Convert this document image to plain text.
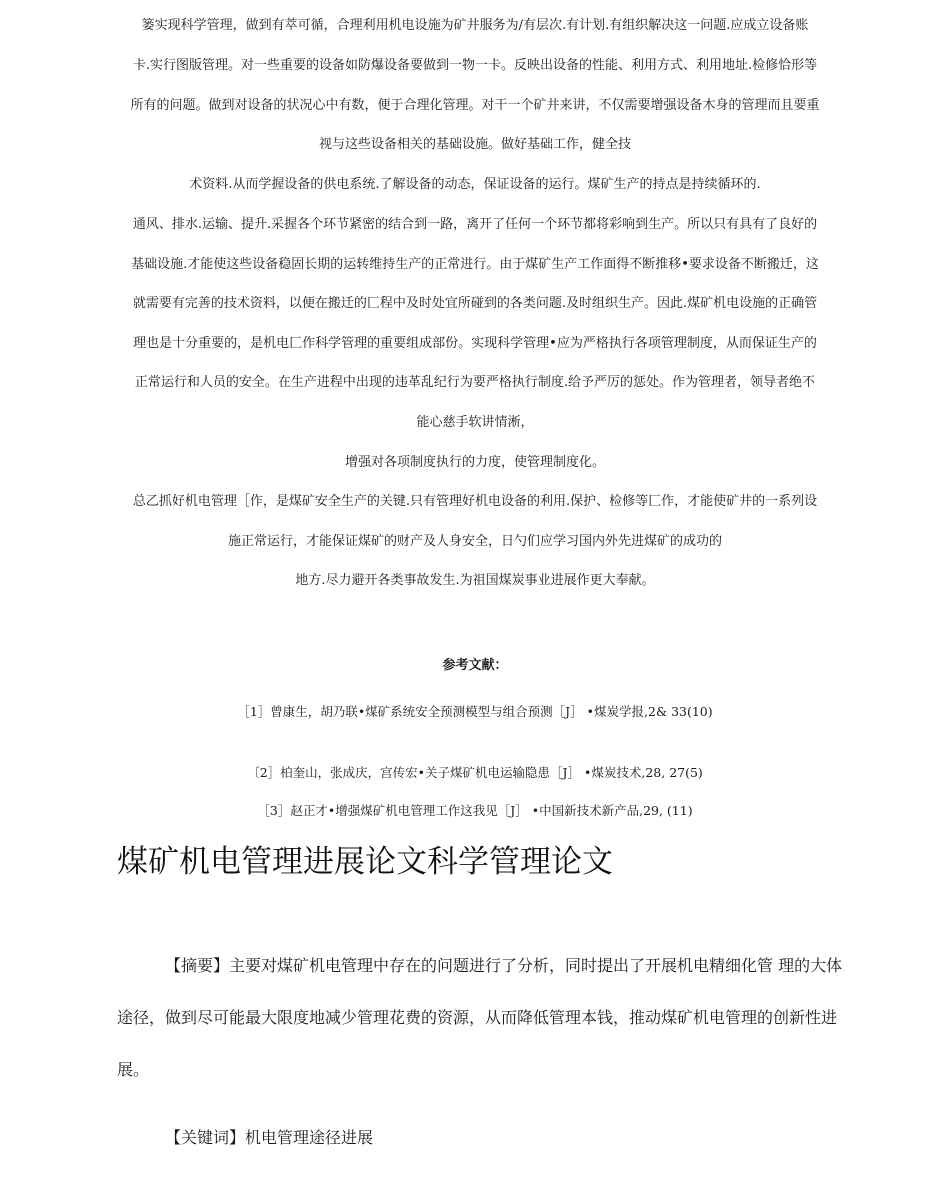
篓实现科学管理，做到有萃可循，合理利用机电设施为矿井服务为/有层次.有计划.有组织解决这一问题.应成立设备账
卡.实行图版管理。对一些重要的设备如防爆设备要做到一物一卡。反映出设备的性能、利用方式、利用地址.检修恰形等
所有的问题。做到对设备的状况心中有数，便于合理化管理。对干一个矿井来讲，不仅需要增强设备木身的管理而且要重
视与这些设备相关的基础设施。做好基础工作，健全技
术资料.从而学握设备的供电系统.了解设备的动态，保证设备的运行。煤矿生产的持点是持续循环的.
通风、排水.运输、提升.采握各个环节紧密的结合到一路，离开了任何一个环节都将彩响到生产。所以只有具有了良好的
基础设施.才能使这些设备稳固长期的运转维持生产的正常进行。由于煤矿生产工作面得不断推移•要求设备不断搬迁，这
就需要有完善的技术资料，以便在搬迁的匚程中及时处宜所碰到的各类问题.及时组织生产。因此.煤矿机电设施的正确管
理也是十分重要的，是机电匚作科学管理的重要组成部份。实现科学管理•应为严格执行各项管理制度，从而保证生产的
正常运行和人员的安全。在生产进程中出现的违革乱纪行为要严格执行制度.给予严厉的惩处。作为管理者，领导者绝不
能心慈手软讲情淅，
增强对各项制度执行的力度，使管理制度化。
总乙抓好机电管理［作，是煤矿安全生产的关键.只有管理好机电设备的利用.保护、检修等匚作，才能使矿井的一系列设
施正常运行，才能保证煤矿的财产及人身安全，日勺们应学习国内外先进煤矿的成功的
地方.尽力避开各类事故发生.为祖国煤炭事业进展作更大奉献。
参考文献：
［1］曾康生，胡乃联•煤矿系统安全预测模型与组合预测［J］ •煤炭学报,2& 33(10)
〔2］柏奎山，张成庆，宫传宏•关子煤矿机电运输隐患［J］ •煤炭技术,28, 27(5)
［3］赵正才•增强煤矿机电管理工作这我见［J］ •中国新技术新产品,29, (11)
煤矿机电管理进展论文科学管理论文
【摘要】主要对煤矿机电管理中存在的问题进行了分析，同时提出了开展机电精细化管 理的大体
途径，做到尽可能最大限度地减少管理花费的资源，从而降低管理本钱，推动煤矿机电管理的创新性进
展。
【关键词】机电管理途径进展
